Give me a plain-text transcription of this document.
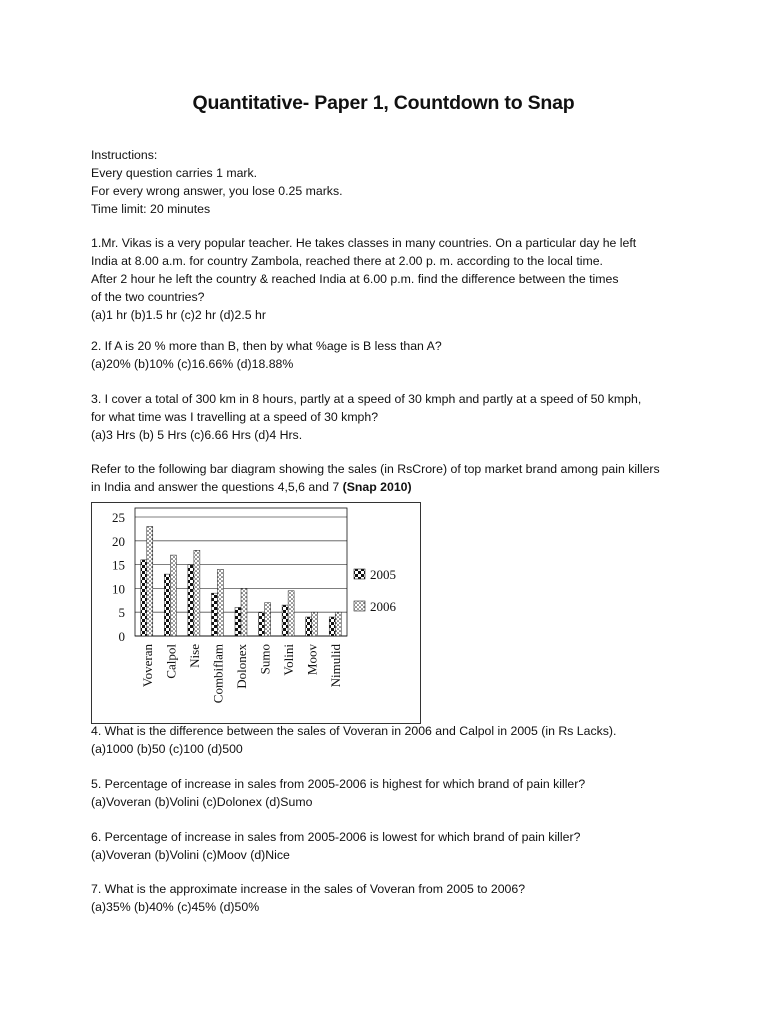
Quantitative- Paper 1, Countdown to Snap
Instructions:
Every question carries 1 mark.
For every wrong answer, you lose 0.25 marks.
Time limit: 20 minutes
1.Mr. Vikas is a very popular teacher. He takes classes in many countries. On a particular day he left
India at 8.00 a.m. for country Zambola, reached there at 2.00 p. m. according to the local time.
After 2 hour he left the country & reached India at 6.00 p.m. find the difference between the times
of the two countries?
(a)1 hr (b)1.5 hr (c)2 hr (d)2.5 hr
2. If A is 20 % more than B, then by what %age is B less than A?
(a)20% (b)10% (c)16.66% (d)18.88%
3. I cover a total of 300 km in 8 hours, partly at a speed of 30 kmph and partly at a speed of 50 kmph,
for what time was I travelling at a speed of 30 kmph?
(a)3 Hrs (b) 5 Hrs (c)6.66 Hrs (d)4 Hrs.
Refer to the following bar diagram showing the sales (in RsCrore) of top market brand among pain killers
in India and answer the questions 4,5,6 and 7 (Snap 2010)
25
20
15
10
5
0
Voveran Calpol Nise Combiflam Dolonex Sumo Volini Moov Nimulid
2005
2006
4. What is the difference between the sales of Voveran in 2006 and Calpol in 2005 (in Rs Lacks).
(a)1000 (b)50 (c)100 (d)500
5. Percentage of increase in sales from 2005-2006 is highest for which brand of pain killer?
(a)Voveran (b)Volini (c)Dolonex (d)Sumo
6. Percentage of increase in sales from 2005-2006 is lowest for which brand of pain killer?
(a)Voveran (b)Volini (c)Moov (d)Nice
7. What is the approximate increase in the sales of Voveran from 2005 to 2006?
(a)35% (b)40% (c)45% (d)50%
